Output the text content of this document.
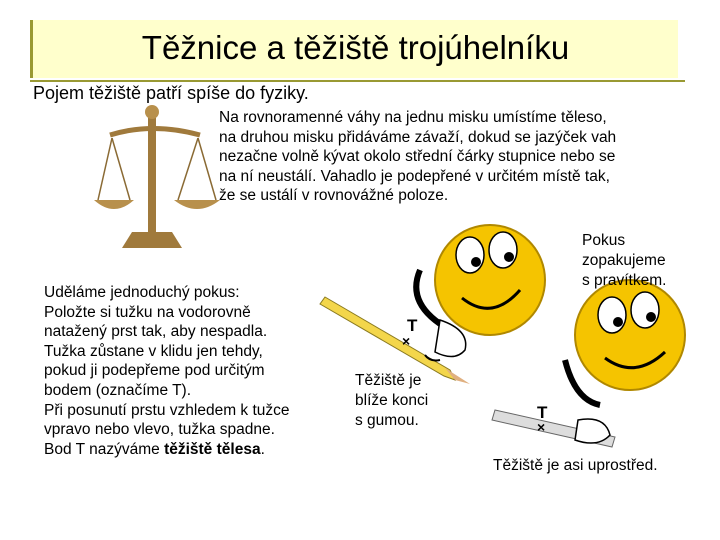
Těžnice a těžiště trojúhelníku
Pojem těžiště patří spíše do fyziky.
Na rovnoramenné váhy na jednu misku umístíme těleso,
na druhou misku přidáváme závaží, dokud se jazýček vah
nezačne volně kývat okolo střední čárky stupnice nebo se
na ní neustálí. Vahadlo je podepřené v určitém místě tak,
že se ustálí v rovnovážné poloze.
T
×
T
×

Uděláme jednoduchý pokus:

Položte si tužku na vodorovně

natažený prst tak, aby nespadla.

Tužka zůstane v klidu jen tehdy,

pokud ji podepřeme pod určitým

bodem (označíme T).

Při posunutí prstu vzhledem k tužce

vpravo nebo vlevo, tužka spadne.

Bod T nazýváme těžiště tělesa.

Těžiště je
blíže konci
s gumou.
Pokus
zopakujeme
s pravítkem.
Těžiště je asi uprostřed.
